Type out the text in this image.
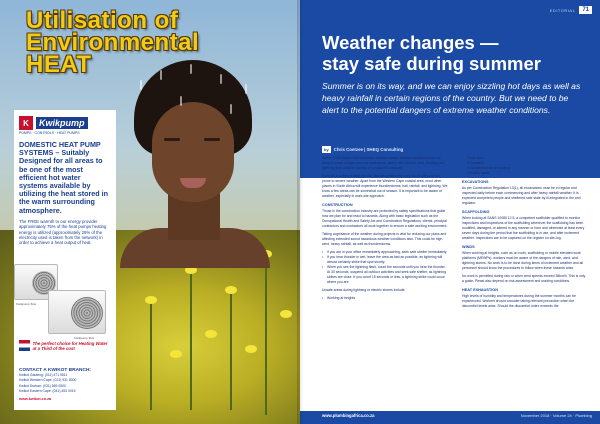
Utilisation of
Environmental
HEAT
K	Kwikpump
PUMPS · CONTROLS · HEAT PUMPS
DOMESTIC HEAT PUMP SYSTEMS – Suitably Designed for all areas to be one of the most efficient hot water systems available by utilizing the heat stored in the warm surrounding atmosphere.
The FREE warmth to our energy provider approximately 75% of the heat pumps heating energy is utilized (approximately 25% of the electricity used is taken from the network) in order to achieve a heat output of heat.
Kwikpump 6kw
Kwikpump 9kw
The perfect choice for Heating Water at a Third of the cost
CONTACT A KWIKOT BRANCH:
Kwikot Gauteng: (011) 471 5511
Kwikot Western Cape: (021) 931 8000
Kwikot Durban: (031) 569 0500
Kwikot Eastern Cape: (041) 453 0015
www.kwikot.co.za
EDITORIAL	71
Weather changes —
stay safe during summer
Summer is on its way, and we can enjoy sizzling hot days as well as heavy rainfall in certain regions of the country. But we need to be alert to the potential dangers of extreme weather conditions.
by	Chris Coetzee | SHEQ Consulting

SANS 10400 states that hazardous weather means weather conditions that are likely to cause danger, such as heat stress, heavy rain, storms, wind, flooding and lightning that could be harmful or a hazard to workers.

Summer is a time of heat and fire. But the greater risk even South Africa is now prone to severe weather. Apart from the Western Cape coastal area, most other places in South Africa will experience thunderstorms, hail, rainfall, and lightning. We know a few areas can be somewhat out of season. It is important to be aware of weather, especially in work-site approach.

CONSTRUCTION

Those in the construction industry are protected by safety specifications that guide how we plan for and react to hazards. Along with basic legislation such as the Occupational Health and Safety Act and Construction Regulations, clients, principal contractors and contractors all work together to ensure a safe working environment.

Taking cognisance of the weather during projects is vital for reducing our plans and affecting extended sound hazardous weather conditions also. This could be high wind, heavy rainfall, as well as thunderstorms.

• If you are in your office immediately approaching, seek safe shelter immediately.
• If you hear thunder in wet, leave the area as fast as possible, as lightning will almost certainly strike that spot shortly.
• When you see the lightning flash, count the seconds until you hear the thunder. At 30 seconds, suspend all outdoor activities and seek safe shelter, as lightning strikes are close. If you count 15 seconds or less, a lightning strike could occur where you are.

Unsafe areas during lightning or electric storms include:

• Working at heights
• Tower lines
• On ladders
• In isolated sheds or buildings
• On open spots
EXCAVATIONS

As per Construction Regulation 13(1), all excavations must be in regular and inspected daily before each commencing and after heavy rainfall weather. It is expected competent people and sheltered safe state by ill-integrated in the civil regulator.

SCAFFOLDING

When looking at SANS 10085 12.5, a competent scaffolder qualified to monitor inspections and inspections of the scaffolding whenever the scaffolding has been modified, damaged, or altered in any manner or form and otherwise at least every seven days during the period that the scaffolding is in use, and after inclement weather. Inspections are to be captured on the register on site-log.

WINDS

When working at heights, such as on roofs, scaffolding or mobile elevated work platforms (MEWPs), workers must be aware of the dangers of rain, wind, and lightning storms. No work is to be done during times of inclement weather and all personnel should know the procedures to follow when these hazards arise.

No work is permitted during rain or when wind speeds exceed 38km/h. This is only a guide. Pleasi also depend on risk assessment and working conditions.

HEAT EXHAUSTION

High levels of humidity and temperatures during the summer months can be experienced. Workers should consider taking relevant precaution when the discomfort levels arise. Should the discomfort index exceeds the

www.plumbingafrica.co.za	November 2018 · Volume 24 · Plumbing
